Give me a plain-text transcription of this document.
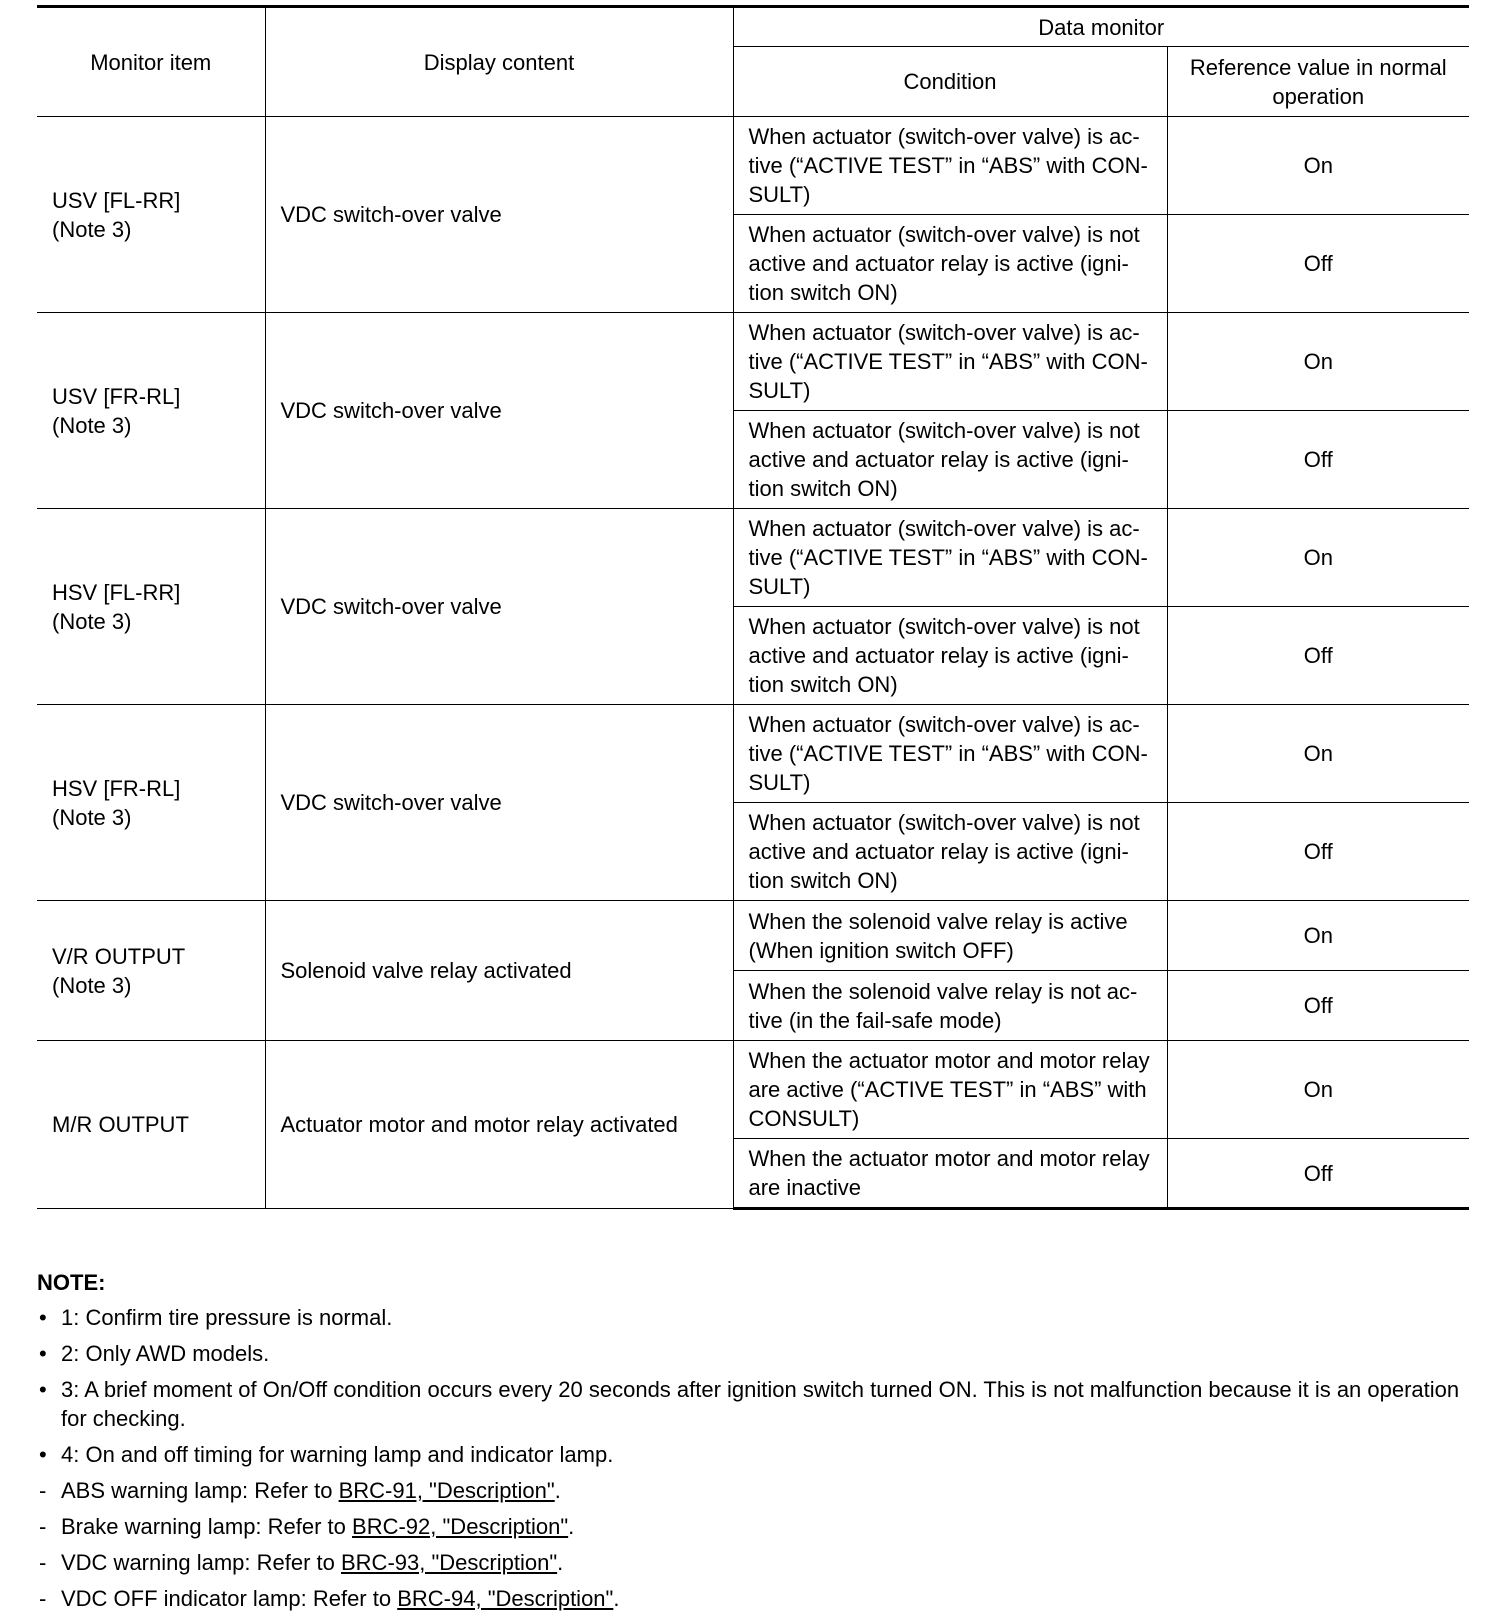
Monitor item	Display content	Data monitor	
		Condition	Reference value in normal operation

USV [FL-RR]
(Note 3)	VDC switch-over valve	When actuator (switch-over valve) is ac-tive (“ACTIVE TEST” in “ABS” with CON-SULT)	On
		When actuator (switch-over valve) is not active and actuator relay is active (igni-tion switch ON)	Off

USV [FR-RL]
(Note 3)	VDC switch-over valve	When actuator (switch-over valve) is ac-tive (“ACTIVE TEST” in “ABS” with CON-SULT)	On
		When actuator (switch-over valve) is not active and actuator relay is active (igni-tion switch ON)	Off

HSV [FL-RR]
(Note 3)	VDC switch-over valve	When actuator (switch-over valve) is ac-tive (“ACTIVE TEST” in “ABS” with CON-SULT)	On
		When actuator (switch-over valve) is not active and actuator relay is active (igni-tion switch ON)	Off

HSV [FR-RL]
(Note 3)	VDC switch-over valve	When actuator (switch-over valve) is ac-tive (“ACTIVE TEST” in “ABS” with CON-SULT)	On
		When actuator (switch-over valve) is not active and actuator relay is active (igni-tion switch ON)	Off

V/R OUTPUT
(Note 3)	Solenoid valve relay activated	When the solenoid valve relay is active (When ignition switch OFF)	On
		When the solenoid valve relay is not ac-tive (in the fail-safe mode)	Off

M/R OUTPUT	Actuator motor and motor relay activated	When the actuator motor and motor relay are active (“ACTIVE TEST” in “ABS” with CONSULT)	On
		When the actuator motor and motor relay are inactive	Off
NOTE:
• 1: Confirm tire pressure is normal.
• 2: Only AWD models.
• 3: A brief moment of On/Off condition occurs every 20 seconds after ignition switch turned ON. This is not malfunction because it is an operation for checking.
• 4: On and off timing for warning lamp and indicator lamp.
- ABS warning lamp: Refer to BRC-91, "Description".
- Brake warning lamp: Refer to BRC-92, "Description".
- VDC warning lamp: Refer to BRC-93, "Description".
- VDC OFF indicator lamp: Refer to BRC-94, "Description".
